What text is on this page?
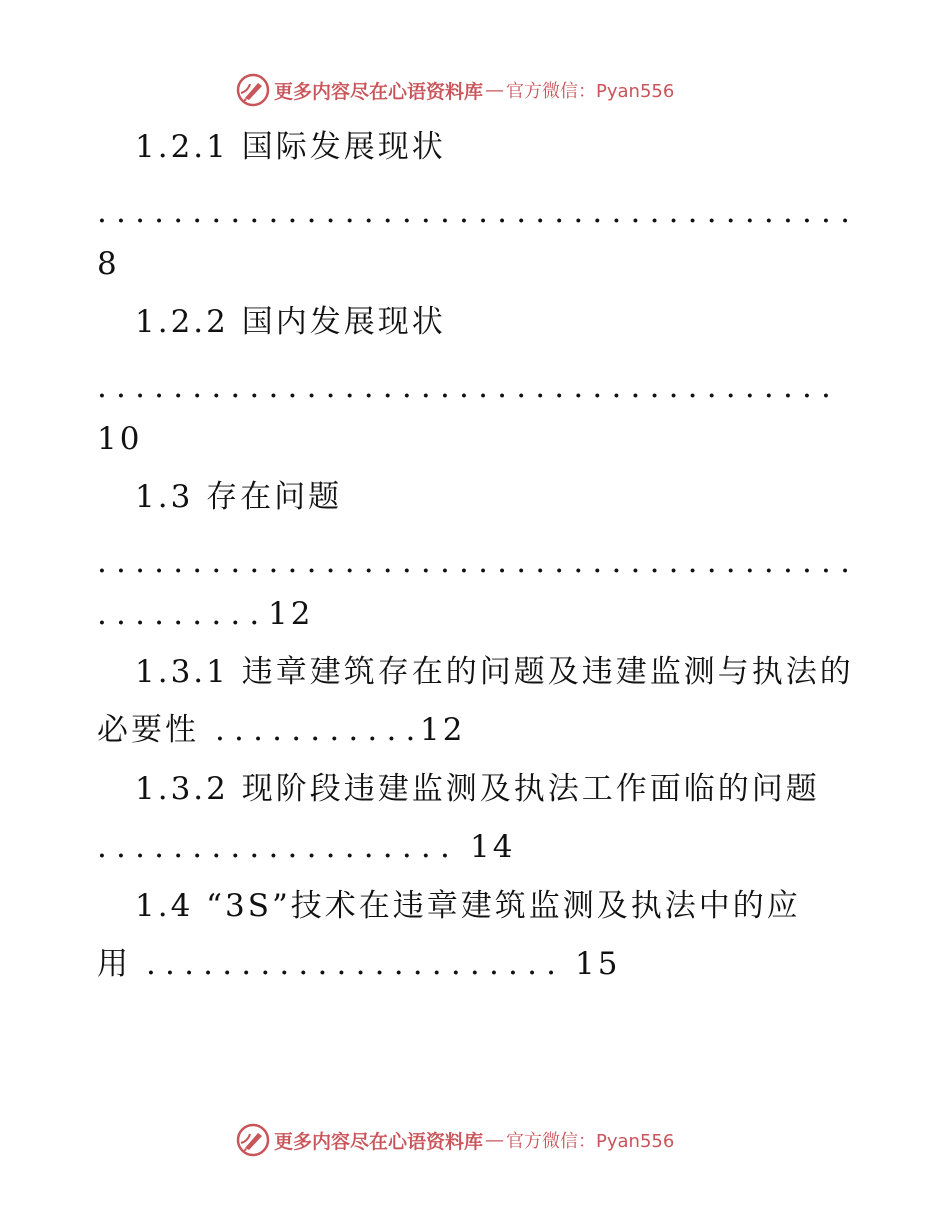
更多内容尽在心语资料库 — 官方微信：Pyan556
1.2.1 国际发展现状
........................................
8
1.2.2 国内发展现状
.......................................
10
1.3 存在问题
........................................
......... 12
1.3.1 违章建筑存在的问题及违建监测与执法的
必要性 ...........
12
1.3.2 现阶段违建监测及执法工作面临的问题
................... 14
1.4 “3S”技术在违章建筑监测及执法中的应
用 ...................... 15
更多内容尽在心语资料库 — 官方微信：Pyan556
